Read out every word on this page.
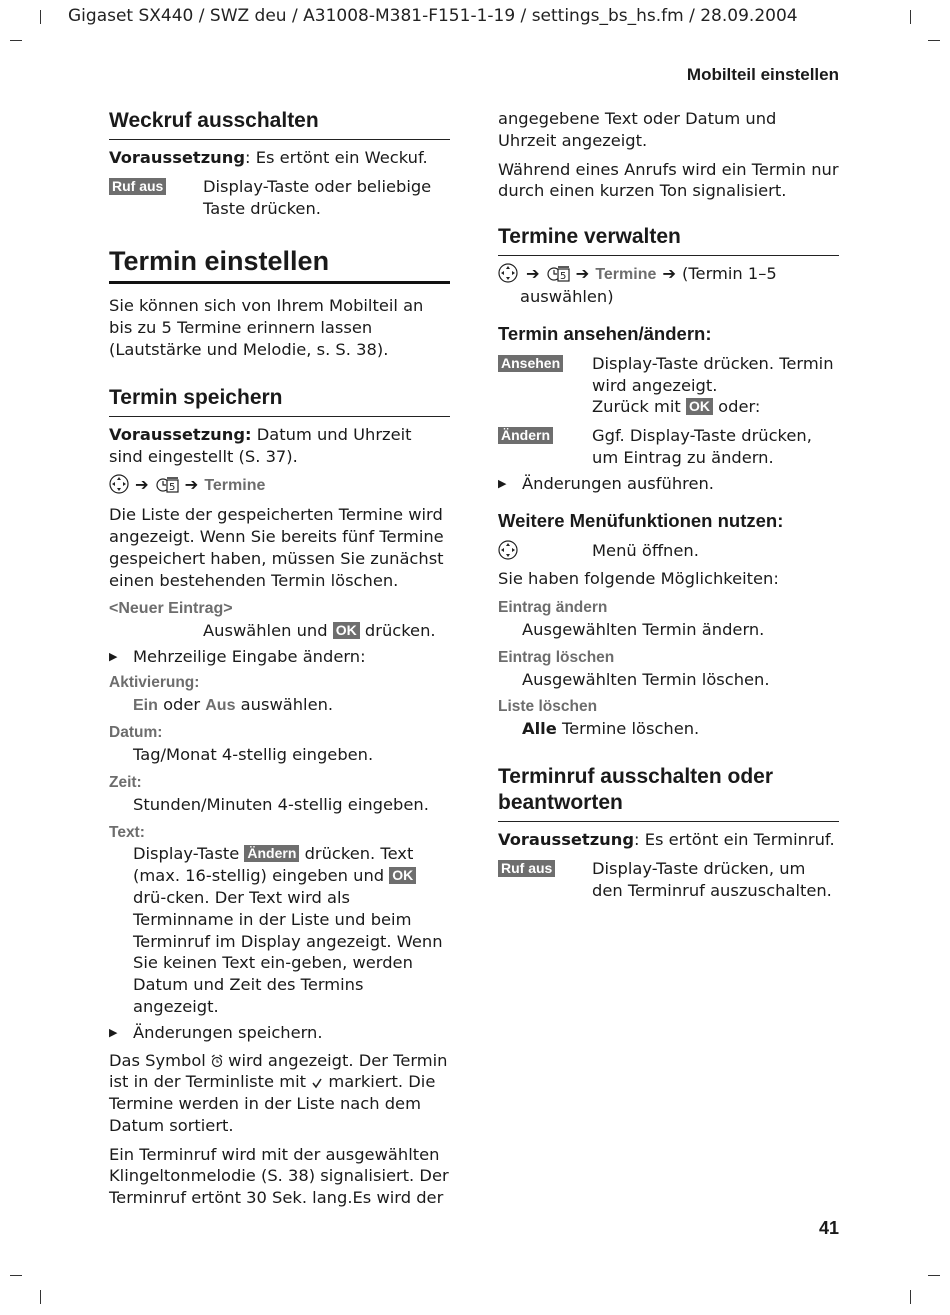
Gigaset SX440 / SWZ deu / A31008-M381-F151-1-19 / settings_bs_hs.fm / 28.09.2004
Mobilteil einstellen
41
Weckruf ausschalten

Voraussetzung: Es ertönt ein Weckuf.

Ruf aus	Display-Taste oder beliebige Taste drücken.
Termin einstellen

Sie können sich von Ihrem Mobilteil an bis zu 5 Termine erinnern lassen (Lautstärke und Melodie, s. S. 38).

Termin speichern

Voraussetzung: Datum und Uhrzeit sind eingestellt (S. 37).

➔ 5 ➔ Termine

Die Liste der gespeicherten Termine wird angezeigt. Wenn Sie bereits fünf Termine gespeichert haben, müssen Sie zunächst einen bestehenden Termin löschen.

<Neuer Eintrag>

Auswählen und OK drücken.

▶ Mehrzeilige Eingabe ändern:

Aktivierung:

Ein oder Aus auswählen.

Datum:

Tag/Monat 4-stellig eingeben.

Zeit:

Stunden/Minuten 4-stellig eingeben.

Text:

Display-Taste Ändern drücken. Text (max. 16-stellig) eingeben und OK drü-cken. Der Text wird als Terminname in der Liste und beim Terminruf im Display angezeigt. Wenn Sie keinen Text ein-geben, werden Datum und Zeit des Termins angezeigt.

▶ Änderungen speichern.

Das Symbol  wird angezeigt. Der Termin ist in der Terminliste mit  markiert. Die Termine werden in der Liste nach dem Datum sortiert.

Ein Terminruf wird mit der ausgewählten Klingeltonmelodie (S. 38) signalisiert. Der Terminruf ertönt 30 Sek. lang.Es wird der

angegebene Text oder Datum und Uhrzeit angezeigt.

Während eines Anrufs wird ein Termin nur durch einen kurzen Ton signalisiert.

Termine verwalten
➔ 5 ➔ Termine ➔ (Termin 1–5 auswählen)
Termin ansehen/ändern:
Ansehen	Display-Taste drücken. Termin wird angezeigt.

Zurück mit OK oder:

Ändern	Ggf. Display-Taste drücken, um Eintrag zu ändern.
▶ Änderungen ausführen.
Weitere Menüfunktionen nutzen:
Menü öffnen.

Sie haben folgende Möglichkeiten:

Eintrag ändern

Ausgewählten Termin ändern.

Eintrag löschen

Ausgewählten Termin löschen.

Liste löschen

Alle Termine löschen.

Terminruf ausschalten oder beantworten

Voraussetzung: Es ertönt ein Terminruf.

Ruf aus	Display-Taste drücken, um den Terminruf auszuschalten.
